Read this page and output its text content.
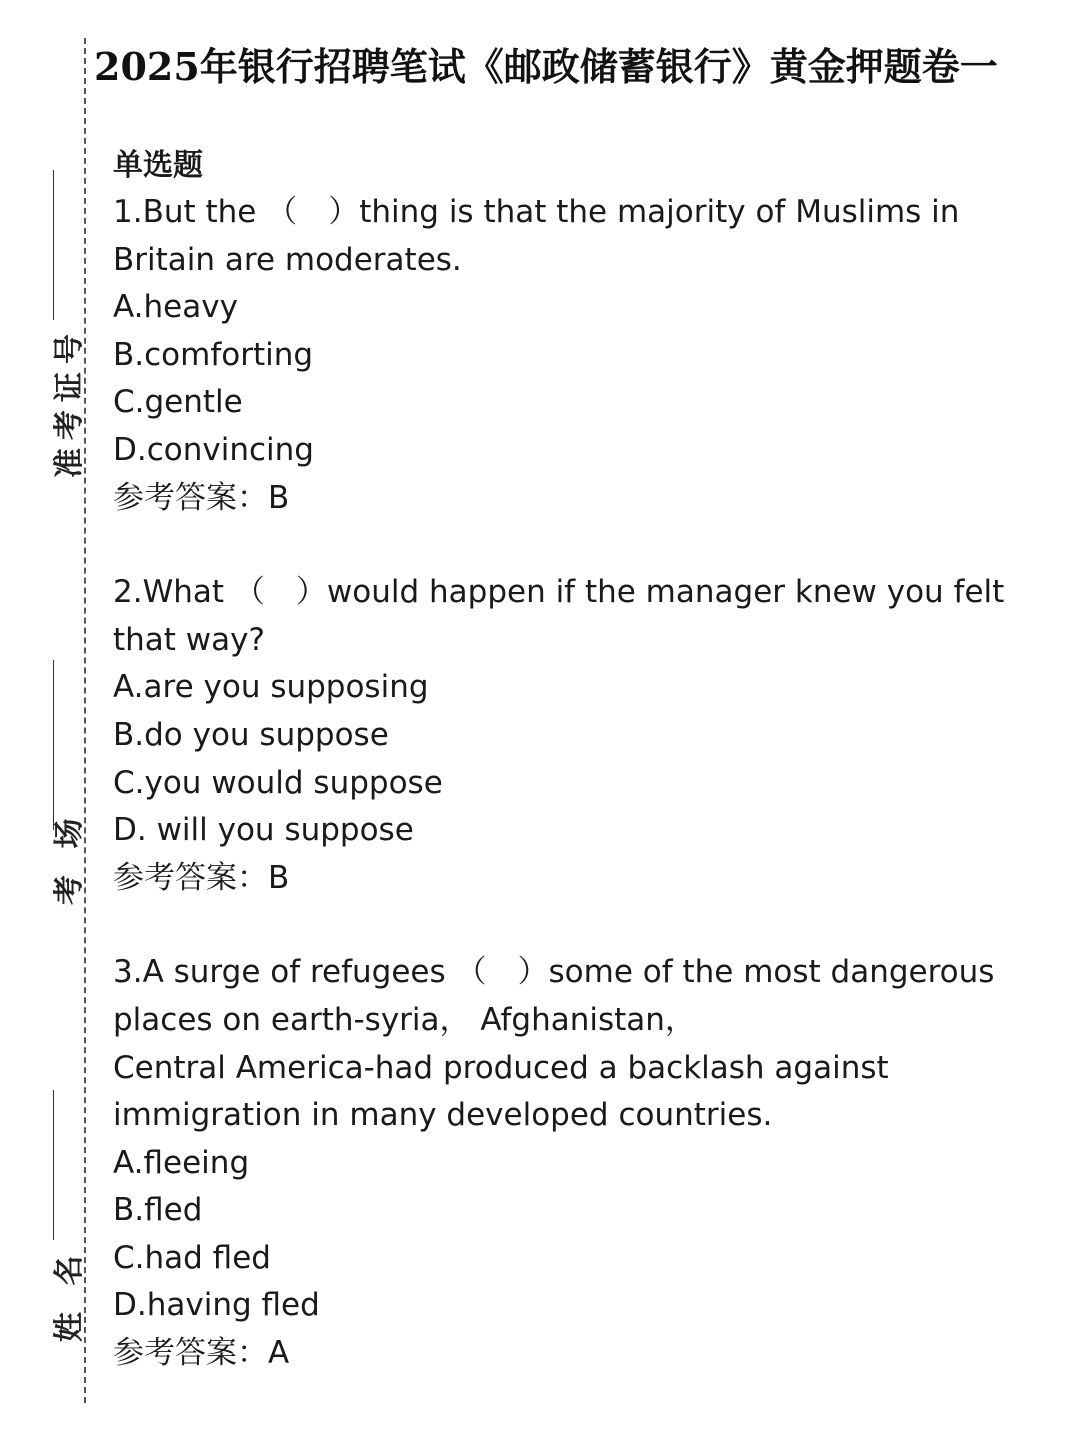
准考证号
考 场
姓 名
2025年银行招聘笔试《邮政储蓄银行》黄金押题卷一

单选题

1.But the （　）thing is that the majority of Muslims in
Britain are moderates.

A.heavy

B.comforting

C.gentle

D.convincing

参考答案：B

2.What （　）would happen if the manager knew you felt
that way?

A.are you supposing

B.do you suppose

C.you would suppose

D. will you suppose

参考答案：B

3.A surge of refugees （　）some of the most dangerous
places on earth-syria， Afghanistan，
Central America-had produced a backlash against
immigration in many developed countries.

A.fleeing

B.fled

C.had fled

D.having fled

参考答案：A
